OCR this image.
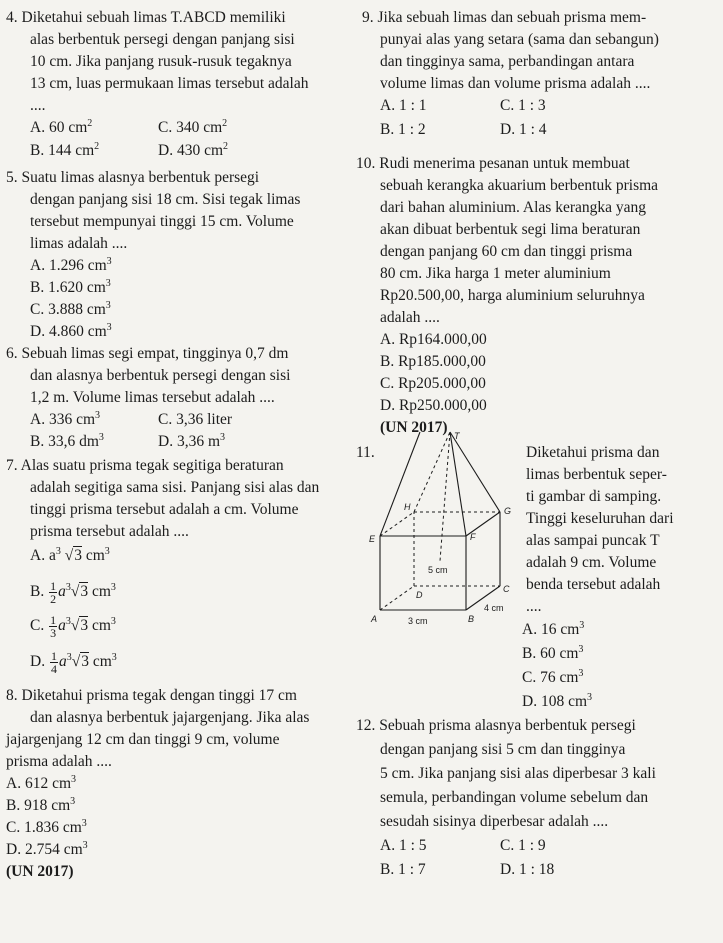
4. Diketahui sebuah limas T.ABCD memiliki
alas berbentuk persegi dengan panjang sisi
10 cm. Jika panjang rusuk-rusuk tegaknya
13 cm, luas permukaan limas tersebut adalah
....
A. 60 $cm^2$	C. 340 $cm^2$
B. 144 $cm^2$	D. 430 $cm^2$
5. Suatu limas alasnya berbentuk persegi
dengan panjang sisi 18 cm. Sisi tegak limas
tersebut mempunyai tinggi 15 cm. Volume
limas adalah ....
A. 1.296 $cm^3$
B. 1.620 $cm^3$
C. 3.888 $cm^3$
D. 4.860 $cm^3$
6. Sebuah limas segi empat, tingginya 0,7 dm
dan alasnya berbentuk persegi dengan sisi
1,2 m. Volume limas tersebut adalah ....
A. 336 $cm^3$	C. 3,36 liter
B. 33,6 $dm^3$	D. 3,36 $m^3$
7. Alas suatu prisma tegak segitiga beraturan
adalah segitiga sama sisi. Panjang sisi alas dan
tinggi prisma tersebut adalah a cm. Volume
prisma tersebut adalah ....
A. $a^3$ √3 $cm^3$
B. $\frac{1}{2} a^3√3$ $cm^3$
C. $\frac{1}{3} a^3√3$ $cm^3$
D. $\frac{1}{4} a^3√3$ $cm^3$
8. Diketahui prisma tegak dengan tinggi 17 cm
dan alasnya berbentuk jajargenjang. Jika alas
jajargenjang 12 cm dan tinggi 9 cm, volume
prisma adalah ....
A. 612 $cm^3$
B. 918 $cm^3$
C. 1.836 $cm^3$
D. 2.754 $cm^3$
(UN 2017)
9. Jika sebuah limas dan sebuah prisma mem-
punyai alas yang setara (sama dan sebangun)
dan tingginya sama, perbandingan antara
volume limas dan volume prisma adalah ....
A. 1 : 1	C. 1 : 3
B. 1 : 2	D. 1 : 4
10. Rudi menerima pesanan untuk membuat
sebuah kerangka akuarium berbentuk prisma
dari bahan aluminium. Alas kerangka yang
akan dibuat berbentuk segi lima beraturan
dengan panjang 60 cm dan tinggi prisma
80 cm. Jika harga 1 meter aluminium
Rp20.500,00, harga aluminium seluruhnya
adalah ....
A. Rp164.000,00
B. Rp185.000,00
C. Rp205.000,00
D. Rp250.000,00
(UN 2017)
11.
T
H	G
E	F
D
C
A	B
5 cm
3 cm
4 cm
Diketahui prisma dan
limas berbentuk seper-
ti gambar di samping.
Tinggi keseluruhan dari
alas sampai puncak T
adalah 9 cm. Volume
benda tersebut adalah
....
A. 16 $cm^3$
B. 60 $cm^3$
C. 76 $cm^3$
D. 108 $cm^3$
12. Sebuah prisma alasnya berbentuk persegi
dengan panjang sisi 5 cm dan tingginya
5 cm. Jika panjang sisi alas diperbesar 3 kali
semula, perbandingan volume sebelum dan
sesudah sisinya diperbesar adalah ....
A. 1 : 5	C. 1 : 9
B. 1 : 7	D. 1 : 18
